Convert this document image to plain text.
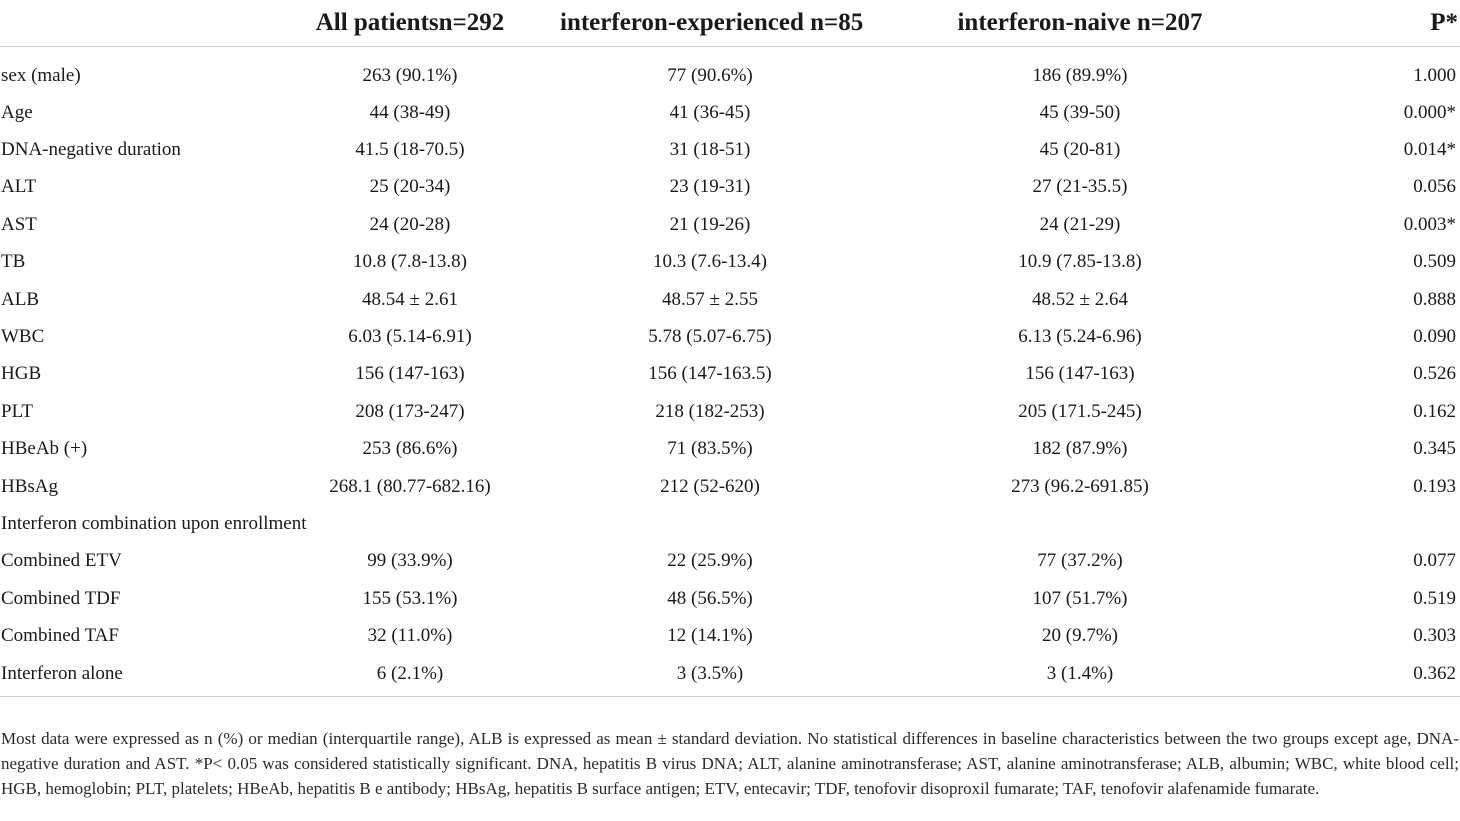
	All patientsn=292	interferon-experienced n=85	interferon-naive n=207	P*
sex (male)	263 (90.1%)	77 (90.6%)	186 (89.9%)	1.000
Age	44 (38-49)	41 (36-45)	45 (39-50)	0.000*
DNA-negative duration	41.5 (18-70.5)	31 (18-51)	45 (20-81)	0.014*
ALT	25 (20-34)	23 (19-31)	27 (21-35.5)	0.056
AST	24 (20-28)	21 (19-26)	24 (21-29)	0.003*
TB	10.8 (7.8-13.8)	10.3 (7.6-13.4)	10.9 (7.85-13.8)	0.509
ALB	48.54 ± 2.61	48.57 ± 2.55	48.52 ± 2.64	0.888
WBC	6.03 (5.14-6.91)	5.78 (5.07-6.75)	6.13 (5.24-6.96)	0.090
HGB	156 (147-163)	156 (147-163.5)	156 (147-163)	0.526
PLT	208 (173-247)	218 (182-253)	205 (171.5-245)	0.162
HBeAb (+)	253 (86.6%)	71 (83.5%)	182 (87.9%)	0.345
HBsAg	268.1 (80.77-682.16)	212 (52-620)	273 (96.2-691.85)	0.193
Interferon combination upon enrollment				
Combined ETV	99 (33.9%)	22 (25.9%)	77 (37.2%)	0.077
Combined TDF	155 (53.1%)	48 (56.5%)	107 (51.7%)	0.519
Combined TAF	32 (11.0%)	12 (14.1%)	20 (9.7%)	0.303
Interferon alone	6 (2.1%)	3 (3.5%)	3 (1.4%)	0.362

Most data were expressed as n (%) or median (interquartile range), ALB is expressed as mean ± standard deviation. No statistical differences in baseline characteristics between the two groups except age, DNA-negative duration and AST. *P< 0.05 was considered statistically significant. DNA, hepatitis B virus DNA; ALT, alanine aminotransferase; AST, alanine aminotransferase; ALB, albumin; WBC, white blood cell; HGB, hemoglobin; PLT, platelets; HBeAb, hepatitis B e antibody; HBsAg, hepatitis B surface antigen; ETV, entecavir; TDF, tenofovir disoproxil fumarate; TAF, tenofovir alafenamide fumarate.
